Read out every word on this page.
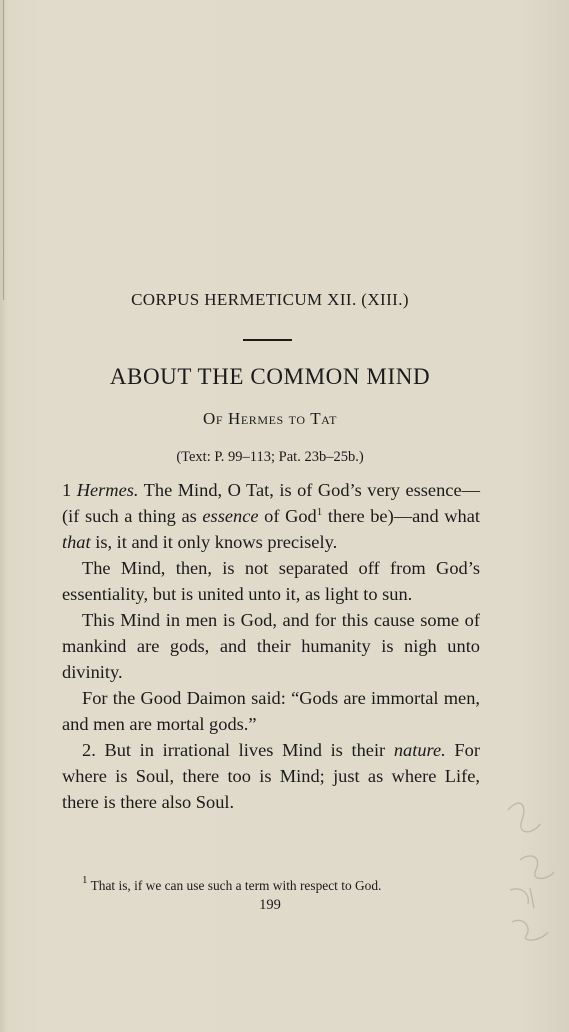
CORPUS HERMETICUM XII. (XIII.)
ABOUT THE COMMON MIND
Of Hermes to Tat
(Text: P. 99–113; Pat. 23b–25b.)

1 Hermes. The Mind, O Tat, is of God’s very essence—(if such a thing as essence of God$^1$ there be)—and what that is, it and it only knows precisely.

The Mind, then, is not separated off from God’s essentiality, but is united unto it, as light to sun.

This Mind in men is God, and for this cause some of mankind are gods, and their humanity is nigh unto divinity.

For the Good Daimon said: “Gods are immortal men, and men are mortal gods.”

2. But in irrational lives Mind is their nature. For where is Soul, there too is Mind; just as where Life, there is there also Soul.

$^1$ That is, if we can use such a term with respect to God.
199
